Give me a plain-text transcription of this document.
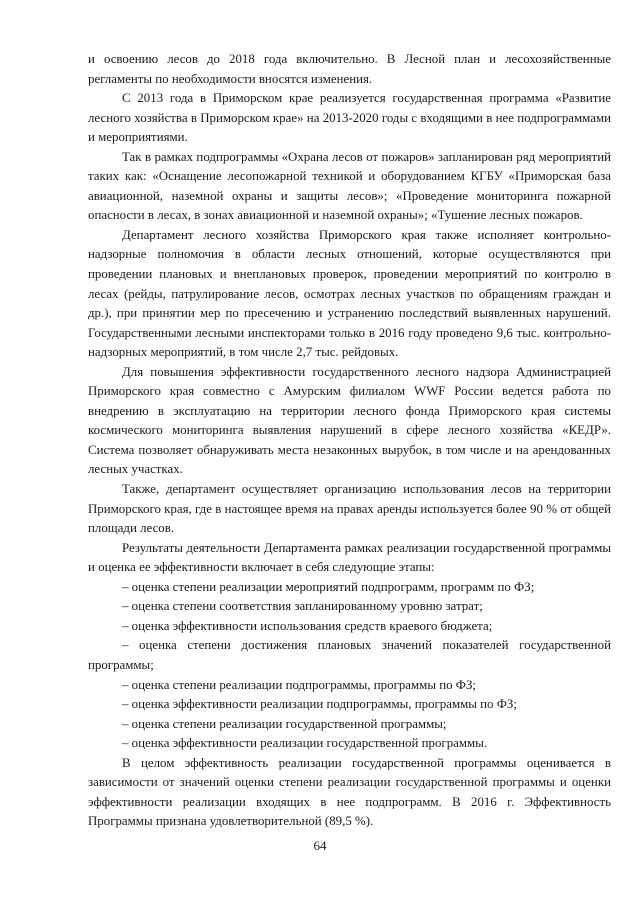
и освоению лесов до 2018 года включительно. В Лесной план и лесохозяйственные регламенты по необходимости вносятся изменения.

С 2013 года в Приморском крае реализуется государственная программа «Развитие лесного хозяйства в Приморском крае» на 2013-2020 годы с входящими в нее подпрограммами и мероприятиями.

Так в рамках подпрограммы «Охрана лесов от пожаров» запланирован ряд мероприятий таких как: «Оснащение лесопожарной техникой и оборудованием КГБУ «Приморская база авиационной, наземной охраны и защиты лесов»; «Проведение мониторинга пожарной опасности в лесах, в зонах авиационной и наземной охраны»; «Тушение лесных пожаров.

Департамент лесного хозяйства Приморского края также исполняет контрольно-надзорные полномочия в области лесных отношений, которые осуществляются при проведении плановых и внеплановых проверок, проведении мероприятий по контролю в лесах (рейды, патрулирование лесов, осмотрах лесных участков по обращениям граждан и др.), при принятии мер по пресечению и устранению последствий выявленных нарушений. Государственными лесными инспекторами только в 2016 году проведено 9,6 тыс. контрольно-надзорных мероприятий, в том числе 2,7 тыс. рейдовых.

Для повышения эффективности государственного лесного надзора Администрацией Приморского края совместно с Амурским филиалом WWF России ведется работа по внедрению в эксплуатацию на территории лесного фонда Приморского края системы космического мониторинга выявления нарушений в сфере лесного хозяйства «КЕДР». Система позволяет обнаруживать места незаконных вырубок, в том числе и на арендованных лесных участках.

Также, департамент осуществляет организацию использования лесов на территории Приморского края, где в настоящее время на правах аренды используется более 90 % от общей площади лесов.

Результаты деятельности Департамента рамках реализации государственной программы и оценка ее эффективности включает в себя следующие этапы:

– оценка степени реализации мероприятий подпрограмм, программ по ФЗ;

– оценка степени соответствия запланированному уровню затрат;

– оценка эффективности использования средств краевого бюджета;

– оценка степени достижения плановых значений показателей государственной программы;

– оценка степени реализации подпрограммы, программы по ФЗ;

– оценка эффективности реализации подпрограммы, программы по ФЗ;

– оценка степени реализации государственной программы;

– оценка эффективности реализации государственной программы.

В целом эффективность реализации государственной программы оценивается в зависимости от значений оценки степени реализации государственной программы и оценки эффективности реализации входящих в нее подпрограмм. В 2016 г. Эффективность Программы признана удовлетворительной (89,5 %).

64
